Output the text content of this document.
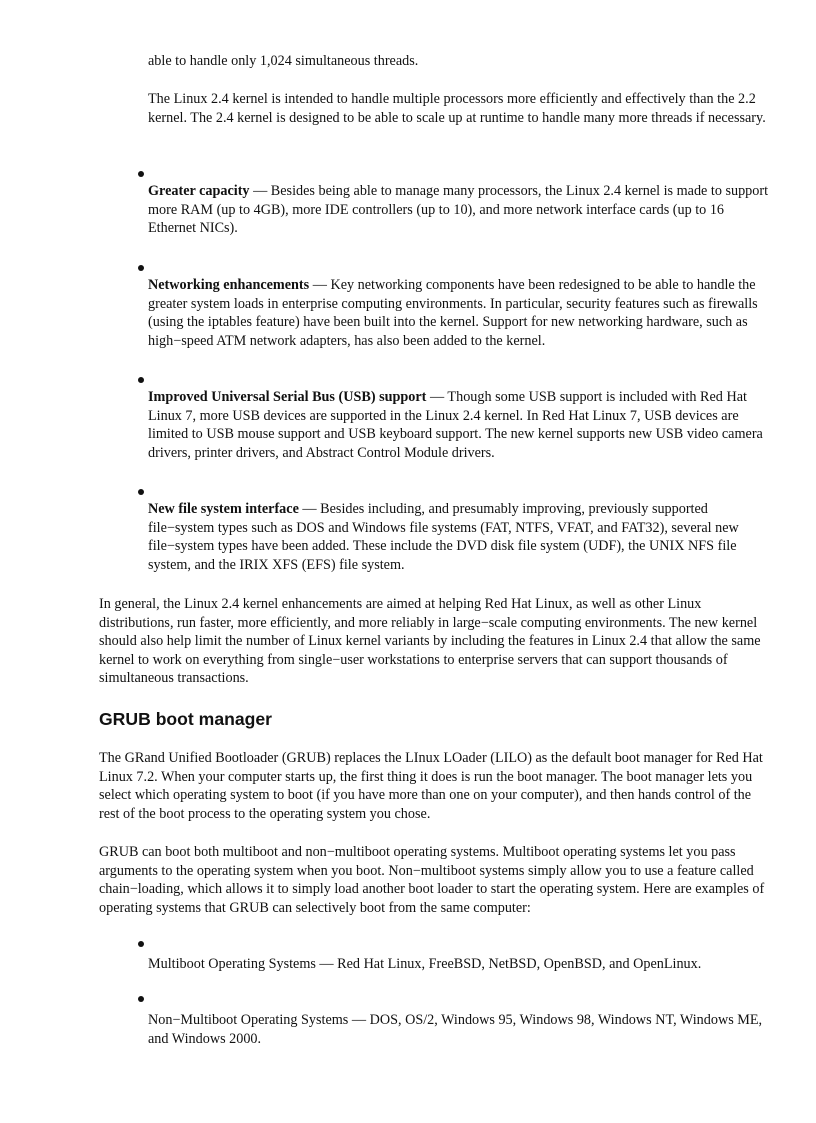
able to handle only 1,024 simultaneous threads.

The Linux 2.4 kernel is intended to handle multiple processors more efficiently and effectively than the 2.2 kernel. The 2.4 kernel is designed to be able to scale up at runtime to handle many more threads if necessary.

Greater capacity — Besides being able to manage many processors, the Linux 2.4 kernel is made to support more RAM (up to 4GB), more IDE controllers (up to 10), and more network interface cards (up to 16 Ethernet NICs).

Networking enhancements — Key networking components have been redesigned to be able to handle the greater system loads in enterprise computing environments. In particular, security features such as firewalls (using the iptables feature) have been built into the kernel. Support for new networking hardware, such as high−speed ATM network adapters, has also been added to the kernel.

Improved Universal Serial Bus (USB) support — Though some USB support is included with Red Hat Linux 7, more USB devices are supported in the Linux 2.4 kernel. In Red Hat Linux 7, USB devices are limited to USB mouse support and USB keyboard support. The new kernel supports new USB video camera drivers, printer drivers, and Abstract Control Module drivers.

New file system interface — Besides including, and presumably improving, previously supported file−system types such as DOS and Windows file systems (FAT, NTFS, VFAT, and FAT32), several new file−system types have been added. These include the DVD disk file system (UDF), the UNIX NFS file system, and the IRIX XFS (EFS) file system.

In general, the Linux 2.4 kernel enhancements are aimed at helping Red Hat Linux, as well as other Linux distributions, run faster, more efficiently, and more reliably in large−scale computing environments. The new kernel should also help limit the number of Linux kernel variants by including the features in Linux 2.4 that allow the same kernel to work on everything from single−user workstations to enterprise servers that can support thousands of simultaneous transactions.

GRUB boot manager

The GRand Unified Bootloader (GRUB) replaces the LInux LOader (LILO) as the default boot manager for Red Hat Linux 7.2. When your computer starts up, the first thing it does is run the boot manager. The boot manager lets you select which operating system to boot (if you have more than one on your computer), and then hands control of the rest of the boot process to the operating system you chose.

GRUB can boot both multiboot and non−multiboot operating systems. Multiboot operating systems let you pass arguments to the operating system when you boot. Non−multiboot systems simply allow you to use a feature called chain−loading, which allows it to simply load another boot loader to start the operating system. Here are examples of operating systems that GRUB can selectively boot from the same computer:

Multiboot Operating Systems — Red Hat Linux, FreeBSD, NetBSD, OpenBSD, and OpenLinux.

Non−Multiboot Operating Systems — DOS, OS/2, Windows 95, Windows 98, Windows NT, Windows ME, and Windows 2000.
